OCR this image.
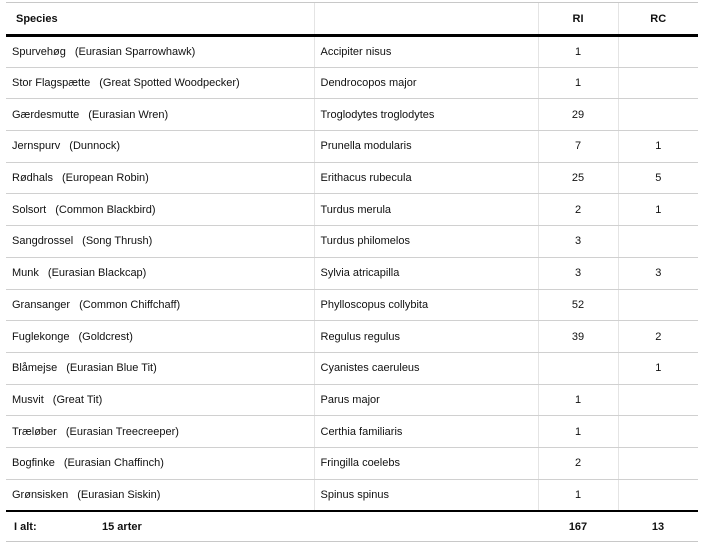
Species		RI	RC
Spurvehøg (Eurasian Sparrowhawk)	Accipiter nisus	1	
Stor Flagspætte (Great Spotted Woodpecker)	Dendrocopos major	1	
Gærdesmutte (Eurasian Wren)	Troglodytes troglodytes	29	
Jernspurv (Dunnock)	Prunella modularis	7	1
Rødhals (European Robin)	Erithacus rubecula	25	5
Solsort (Common Blackbird)	Turdus merula	2	1
Sangdrossel (Song Thrush)	Turdus philomelos	3	
Munk (Eurasian Blackcap)	Sylvia atricapilla	3	3
Gransanger (Common Chiffchaff)	Phylloscopus collybita	52	
Fuglekonge (Goldcrest)	Regulus regulus	39	2
Blåmejse (Eurasian Blue Tit)	Cyanistes caeruleus		1
Musvit (Great Tit)	Parus major	1	
Træløber (Eurasian Treecreeper)	Certhia familiaris	1	
Bogfinke (Eurasian Chaffinch)	Fringilla coelebs	2	
Grønsisken (Eurasian Siskin)	Spinus spinus	1	
I alt: 15 arter		167	13
